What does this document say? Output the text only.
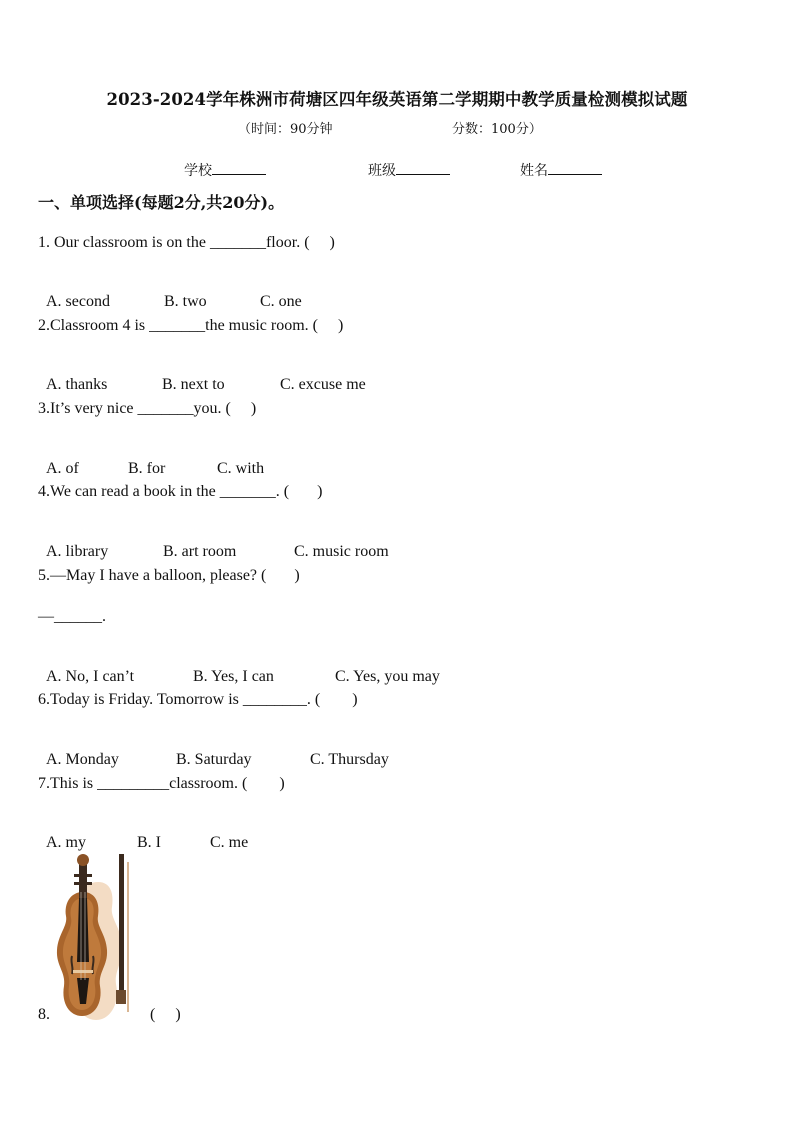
2023-2024学年株洲市荷塘区四年级英语第二学期期中教学质量检测模拟试题
（时间：90分钟	分数：100分）
学校	班级	姓名
一、单项选择(每题2分,共20分)。
1. Our classroom is on the _______floor. (     )

A. second	B. two	C. one

2.Classroom 4 is _______the music room. (     )

A. thanks	B. next to	C. excuse me

3.It’s very nice _______you. (     )

A. of	B. for	C. with

4.We can read a book in the _______. (       )

A. library	B. art room	C. music room

5.—May I have a balloon, please? (       )
—______.

A. No, I can’t	B. Yes, I can	C. Yes, you may

6.Today is Friday. Tomorrow is ________. (        )

A. Monday	B. Saturday	C. Thursday

7.This is _________classroom. (        )

A. my	B. I	C. me

8.	(     )
